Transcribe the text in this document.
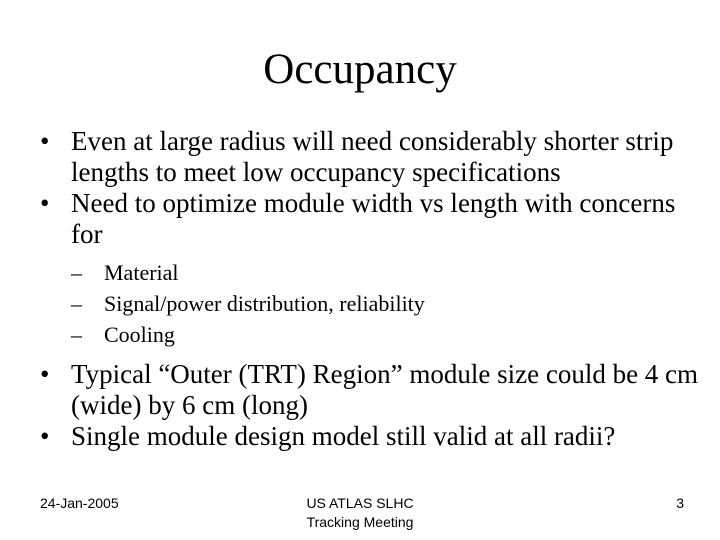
Occupancy
• Even at large radius will need considerably shorter strip lengths to meet low occupancy specifications
• Need to optimize module width vs length with concerns for
– Material
– Signal/power distribution, reliability
– Cooling
• Typical “Outer (TRT) Region” module size could be 4 cm (wide) by 6 cm (long)
• Single module design model still valid at all radii?
24-Jan-2005	US ATLAS SLHC
Tracking Meeting
3
